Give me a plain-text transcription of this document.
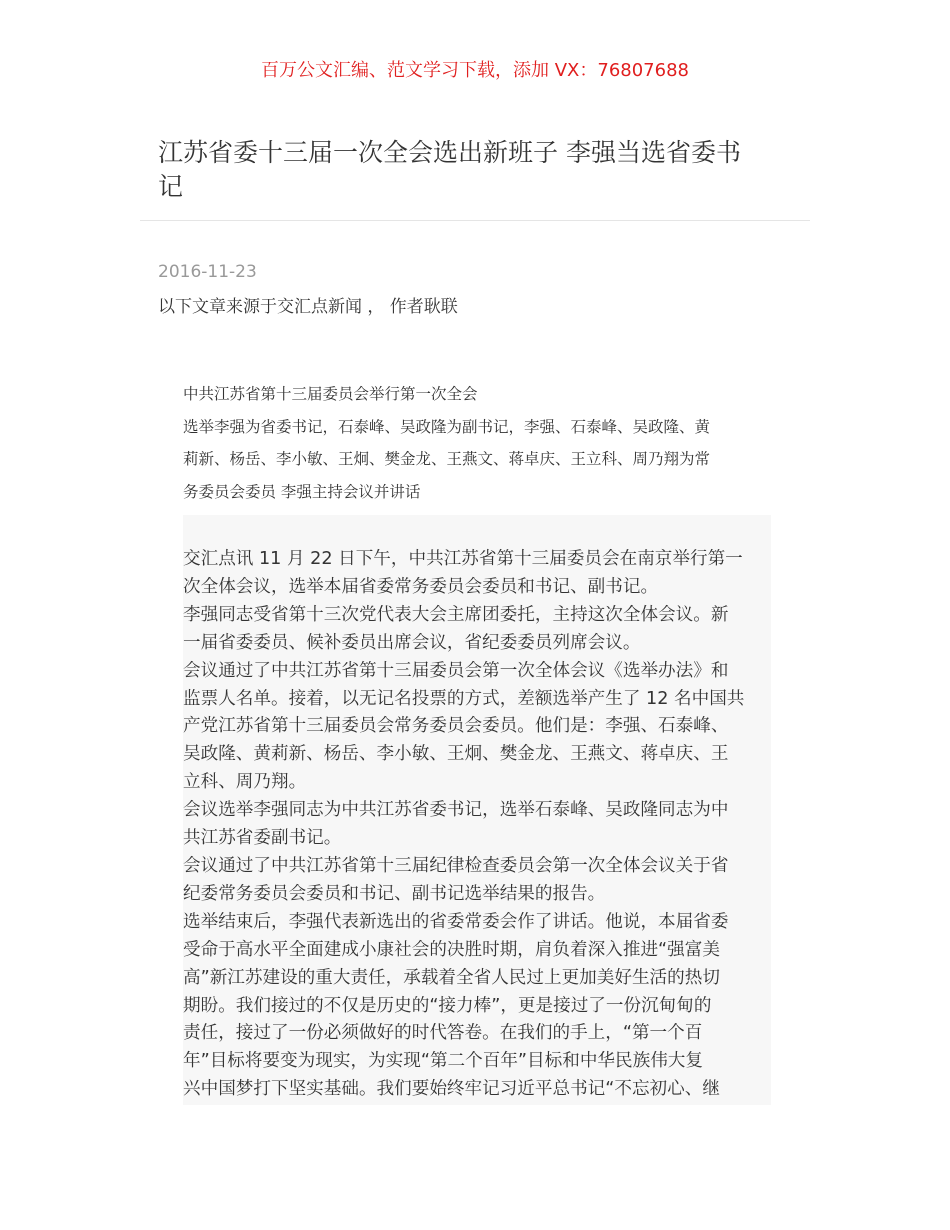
百万公文汇编、范文学习下载，添加 VX：76807688
江苏省委十三届一次全会选出新班子 李强当选省委书
记
2016-11-23
以下文章来源于交汇点新闻 ， 作者耿联
中共江苏省第十三届委员会举行第一次全会
选举李强为省委书记，石泰峰、吴政隆为副书记，李强、石泰峰、吴政隆、黄
莉新、杨岳、李小敏、王炯、樊金龙、王燕文、蒋卓庆、王立科、周乃翔为常
务委员会委员 李强主持会议并讲话
交汇点讯 11 月 22 日下午，中共江苏省第十三届委员会在南京举行第一
次全体会议，选举本届省委常务委员会委员和书记、副书记。
李强同志受省第十三次党代表大会主席团委托，主持这次全体会议。新
一届省委委员、候补委员出席会议，省纪委委员列席会议。
会议通过了中共江苏省第十三届委员会第一次全体会议《选举办法》和
监票人名单。接着，以无记名投票的方式，差额选举产生了 12 名中国共
产党江苏省第十三届委员会常务委员会委员。他们是：李强、石泰峰、
吴政隆、黄莉新、杨岳、李小敏、王炯、樊金龙、王燕文、蒋卓庆、王
立科、周乃翔。
会议选举李强同志为中共江苏省委书记，选举石泰峰、吴政隆同志为中
共江苏省委副书记。
会议通过了中共江苏省第十三届纪律检查委员会第一次全体会议关于省
纪委常务委员会委员和书记、副书记选举结果的报告。
选举结束后，李强代表新选出的省委常委会作了讲话。他说，本届省委
受命于高水平全面建成小康社会的决胜时期，肩负着深入推进“强富美
高”新江苏建设的重大责任，承载着全省人民过上更加美好生活的热切
期盼。我们接过的不仅是历史的“接力棒”，更是接过了一份沉甸甸的
责任，接过了一份必须做好的时代答卷。在我们的手上，“第一个百
年”目标将要变为现实，为实现“第二个百年”目标和中华民族伟大复
兴中国梦打下坚实基础。我们要始终牢记习近平总书记“不忘初心、继
